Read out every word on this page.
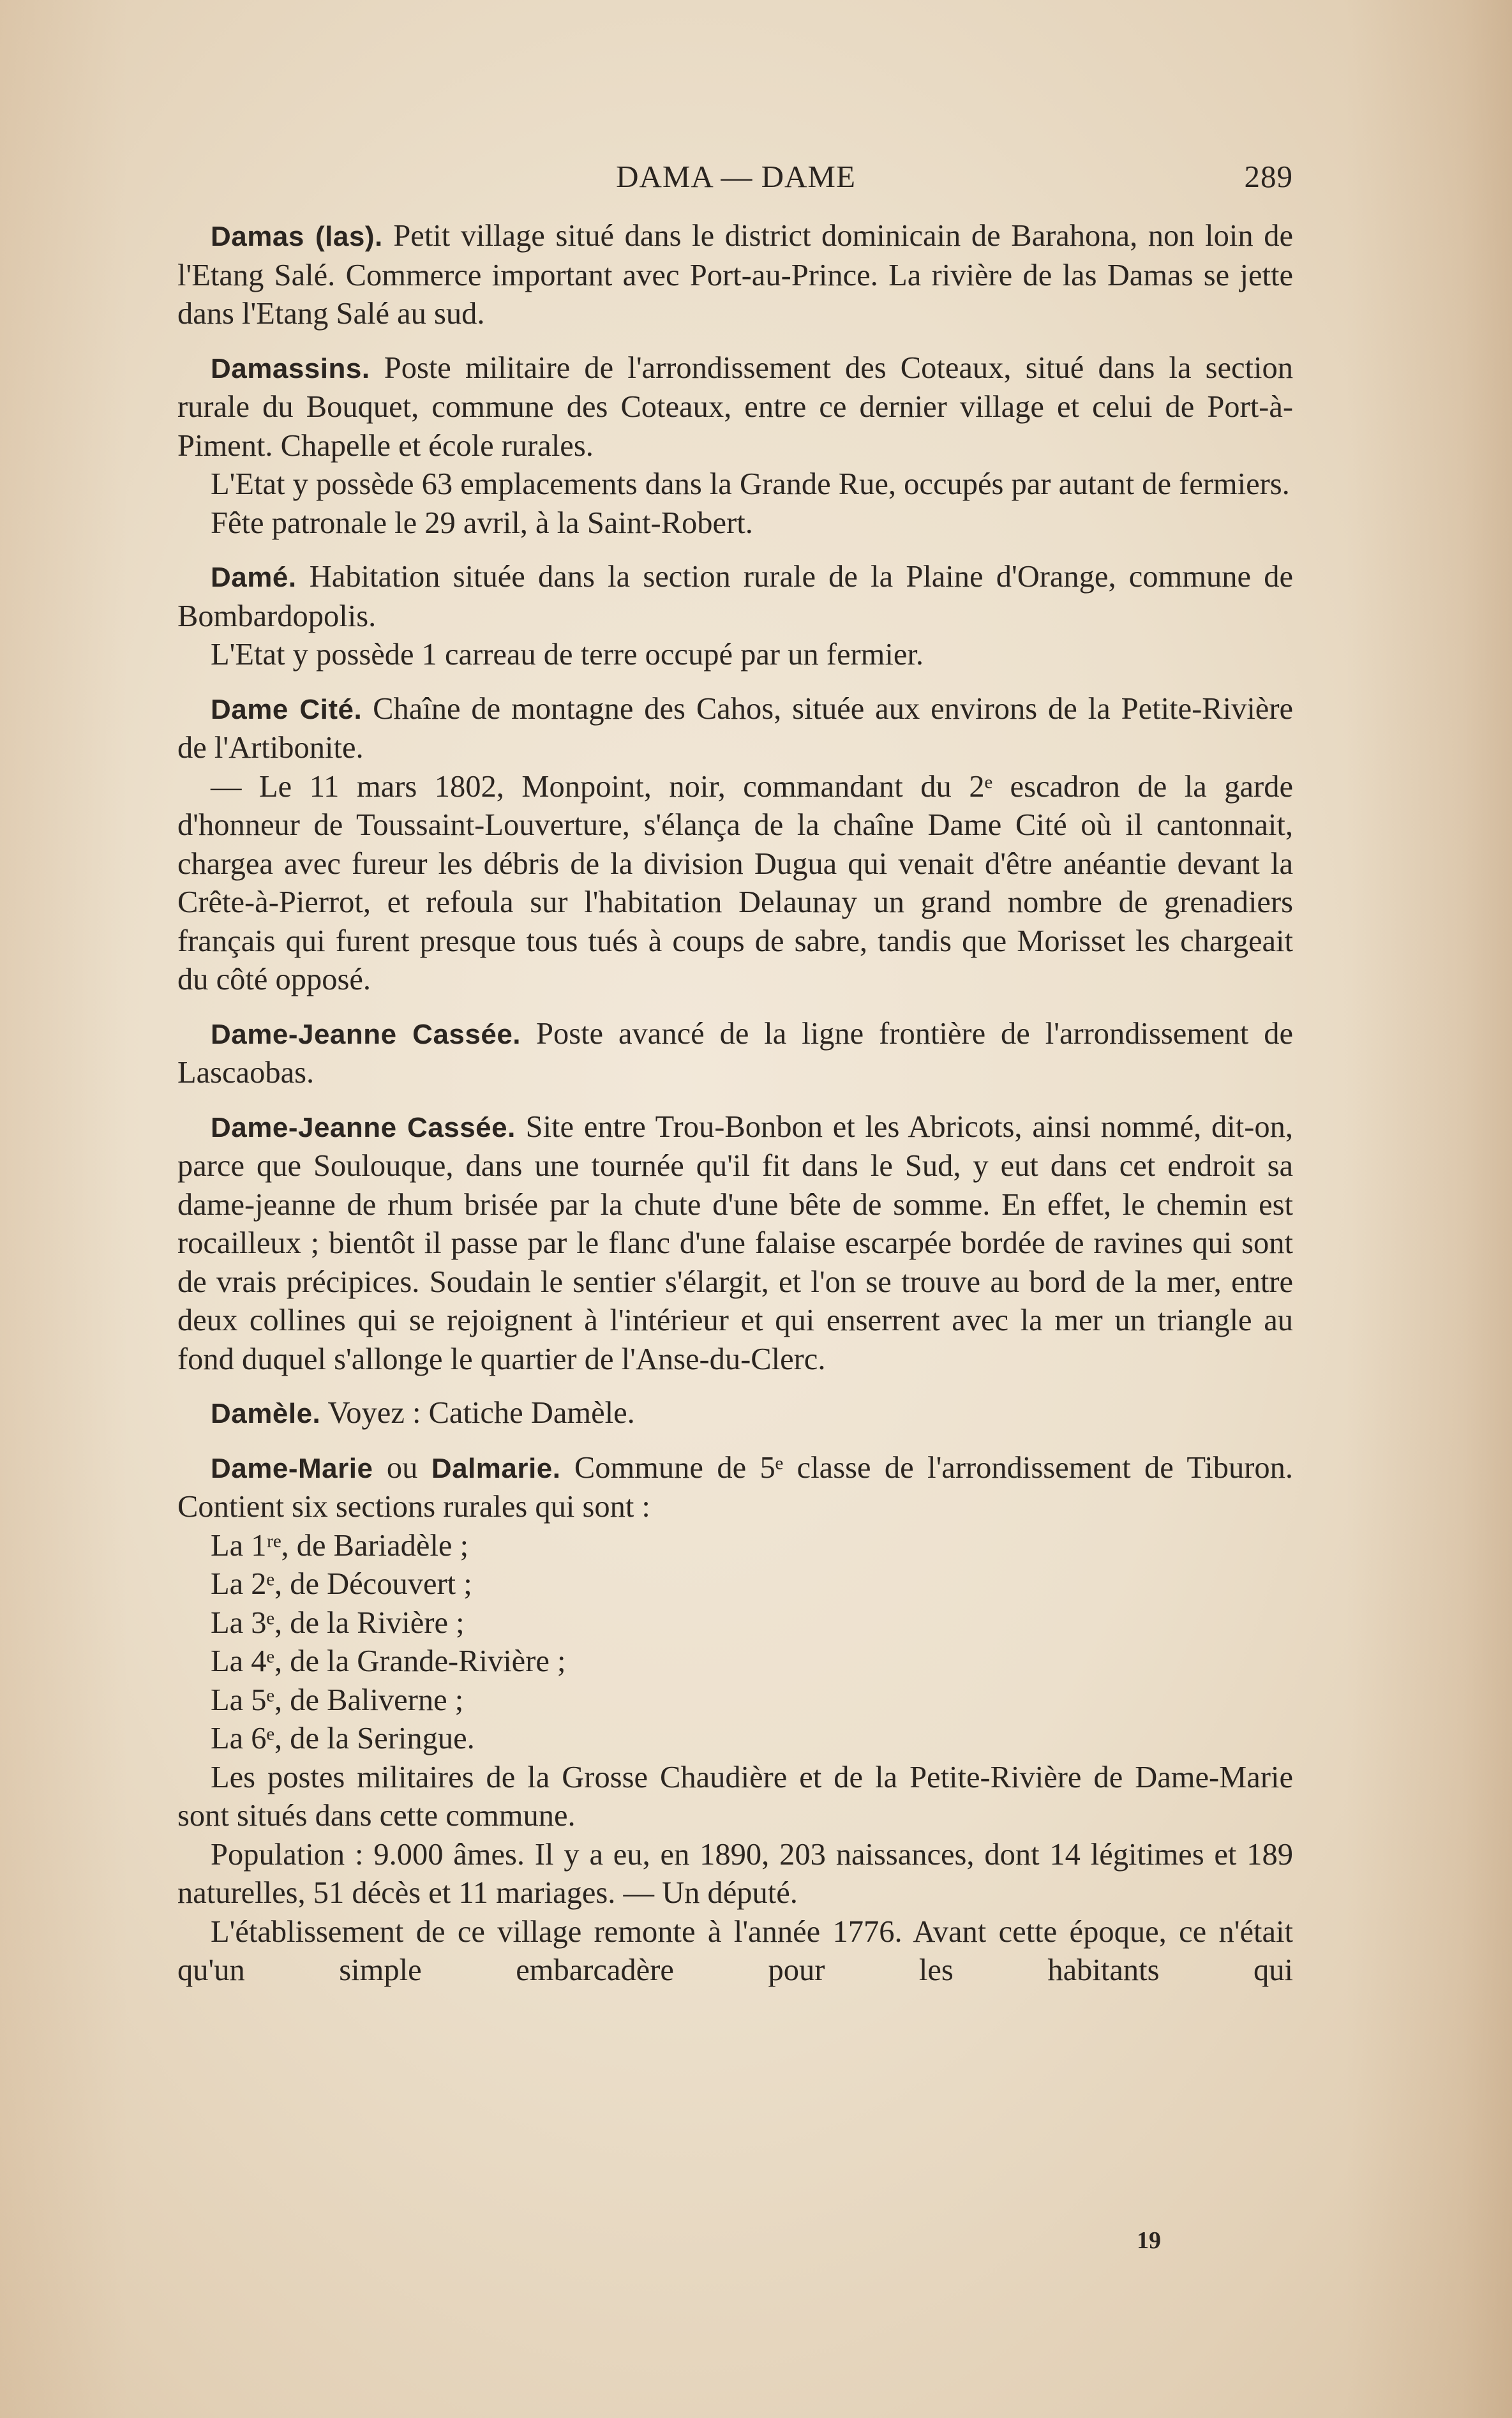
DAMA — DAME	289

Damas (las). Petit village situé dans le district dominicain de Barahona, non loin de l'Etang Salé. Commerce important avec Port-au-Prince. La rivière de las Damas se jette dans l'Etang Salé au sud.

Damassins. Poste militaire de l'arrondissement des Coteaux, situé dans la section rurale du Bouquet, commune des Coteaux, entre ce dernier village et celui de Port-à-Piment. Chapelle et école rurales.

L'Etat y possède 63 emplacements dans la Grande Rue, occupés par autant de fermiers.

Fête patronale le 29 avril, à la Saint-Robert.

Damé. Habitation située dans la section rurale de la Plaine d'Orange, commune de Bombardopolis.

L'Etat y possède 1 carreau de terre occupé par un fermier.

Dame Cité. Chaîne de montagne des Cahos, située aux environs de la Petite-Rivière de l'Artibonite.

— Le 11 mars 1802, Monpoint, noir, commandant du 2ᵉ escadron de la garde d'honneur de Toussaint-Louverture, s'élança de la chaîne Dame Cité où il cantonnait, chargea avec fureur les débris de la division Dugua qui venait d'être anéantie devant la Crête-à-Pierrot, et refoula sur l'habitation Delaunay un grand nombre de grenadiers français qui furent presque tous tués à coups de sabre, tandis que Morisset les chargeait du côté opposé.

Dame-Jeanne Cassée. Poste avancé de la ligne frontière de l'arrondissement de Lascaobas.

Dame-Jeanne Cassée. Site entre Trou-Bonbon et les Abricots, ainsi nommé, dit-on, parce que Soulouque, dans une tournée qu'il fit dans le Sud, y eut dans cet endroit sa dame-jeanne de rhum brisée par la chute d'une bête de somme. En effet, le chemin est rocailleux ; bientôt il passe par le flanc d'une falaise escarpée bordée de ravines qui sont de vrais précipices. Soudain le sentier s'élargit, et l'on se trouve au bord de la mer, entre deux collines qui se rejoignent à l'intérieur et qui enserrent avec la mer un triangle au fond duquel s'allonge le quartier de l'Anse-du-Clerc.

Damèle. Voyez : Catiche Damèle.

Dame-Marie ou Dalmarie. Commune de 5ᵉ classe de l'arrondissement de Tiburon. Contient six sections rurales qui sont :

La 1ʳᵉ, de Bariadèle ;

La 2ᵉ, de Découvert ;

La 3ᵉ, de la Rivière ;

La 4ᵉ, de la Grande-Rivière ;

La 5ᵉ, de Baliverne ;

La 6ᵉ, de la Seringue.

Les postes militaires de la Grosse Chaudière et de la Petite-Rivière de Dame-Marie sont situés dans cette commune.

Population : 9.000 âmes. Il y a eu, en 1890, 203 naissances, dont 14 légitimes et 189 naturelles, 51 décès et 11 mariages. — Un député.

L'établissement de ce village remonte à l'année 1776. Avant cette époque, ce n'était qu'un simple embarcadère pour les habitants qui

19
